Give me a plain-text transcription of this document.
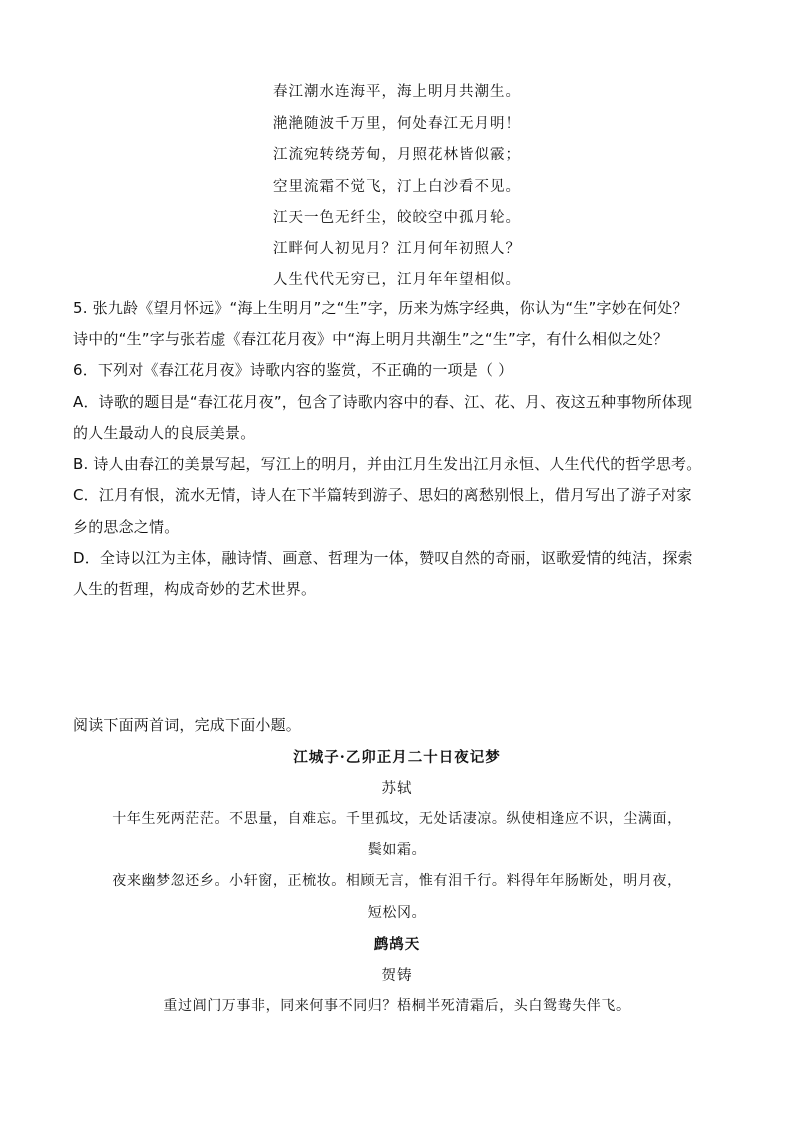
春江潮水连海平，海上明月共潮生。
滟滟随波千万里，何处春江无月明！
江流宛转绕芳甸，月照花林皆似霰；
空里流霜不觉飞，汀上白沙看不见。
江天一色无纤尘，皎皎空中孤月轮。
江畔何人初见月？江月何年初照人？
人生代代无穷已，江月年年望相似。
5. 张九龄《望月怀远》“海上生明月”之“生”字，历来为炼字经典，你认为“生”字妙在何处？
诗中的“生”字与张若虚《春江花月夜》中“海上明月共潮生”之“生”字，有什么相似之处？
6．下列对《春江花月夜》诗歌内容的鉴赏，不正确的一项是（ ）
A．诗歌的题目是“春江花月夜”，包含了诗歌内容中的春、江、花、月、夜这五种事物所体现
的人生最动人的良辰美景。
B. 诗人由春江的美景写起，写江上的明月，并由江月生发出江月永恒、人生代代的哲学思考。
C．江月有恨，流水无情，诗人在下半篇转到游子、思妇的离愁别恨上，借月写出了游子对家
乡的思念之情。
D．全诗以江为主体，融诗情、画意、哲理为一体，赞叹自然的奇丽，讴歌爱情的纯洁，探索
人生的哲理，构成奇妙的艺术世界。
阅读下面两首词，完成下面小题。
江城子·乙卯正月二十日夜记梦
苏轼
十年生死两茫茫。不思量，自难忘。千里孤坟，无处话凄凉。纵使相逢应不识，尘满面，
鬓如霜。
夜来幽梦忽还乡。小轩窗，正梳妆。相顾无言，惟有泪千行。料得年年肠断处，明月夜，
短松冈。
鹧鸪天
贺铸
重过阊门万事非，同来何事不同归？梧桐半死清霜后，头白鸳鸯失伴飞。
